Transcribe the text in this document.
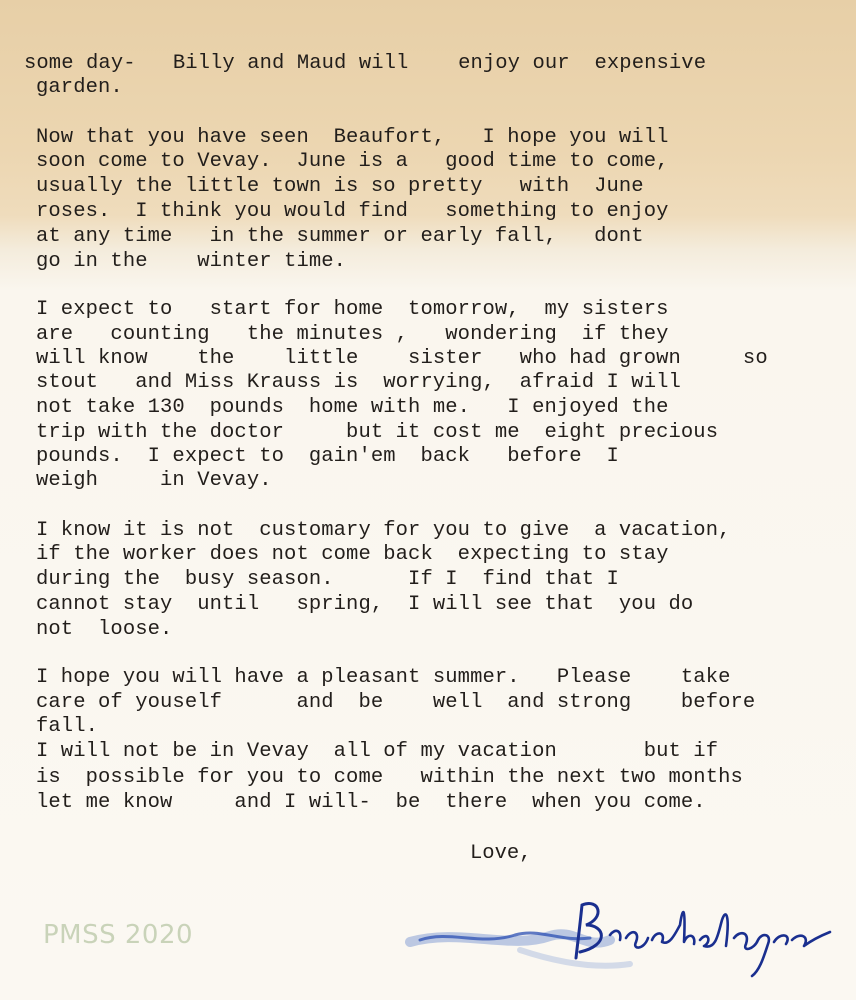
some day-   Billy and Maud will    enjoy our  expensive
garden.
Now that you have seen  Beaufort,   I hope you will
soon come to Vevay.  June is a   good time to come,
usually the little town is so pretty   with  June
roses.  I think you would find   something to enjoy
at any time   in the summer or early fall,   dont
go in the    winter time.
I expect to   start for home  tomorrow,  my sisters
are   counting   the minutes ,   wondering  if they
will know    the    little    sister   who had grown     so
stout   and Miss Krauss is  worrying,  afraid I will
not take 130  pounds  home with me.   I enjoyed the
trip with the doctor     but it cost me  eight precious
pounds.  I expect to  gain'em  back   before  I
weigh     in Vevay.
I know it is not  customary for you to give  a vacation,
if the worker does not come back  expecting to stay
during the  busy season.      If I  find that I
cannot stay  until   spring,  I will see that  you do
not  loose.
I hope you will have a pleasant summer.   Please    take
care of youself      and  be    well  and strong    before
fall.
I will not be in Vevay  all of my vacation       but if
is  possible for you to come   within the next two months
let me know     and I will-  be  there  when you come.
Love,
PMSS 2020
